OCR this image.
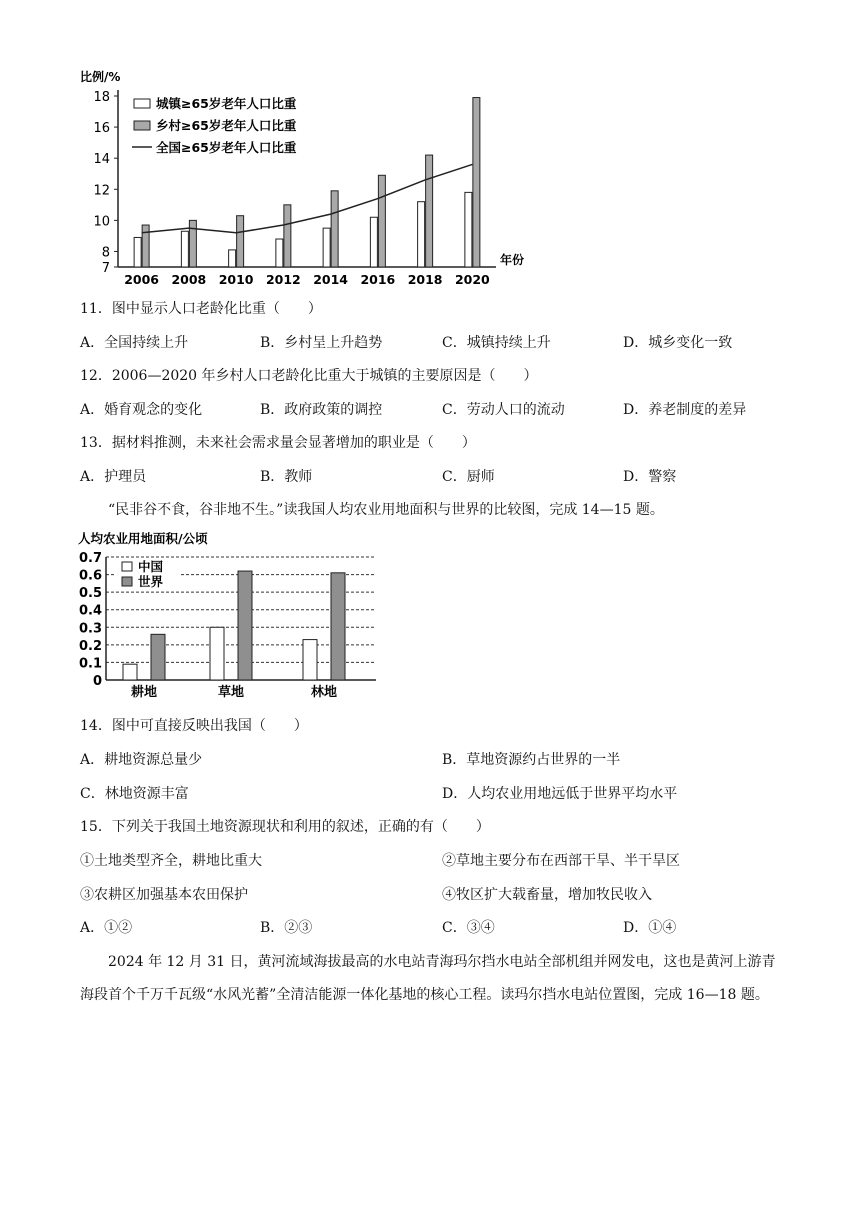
比例/%
7
8
10
12
14
16
18
2006 2008 2010 2012 2014 2016 2018 2020
年份
城镇≥65岁老年人口比重
乡村≥65岁老年人口比重
全国≥65岁老年人口比重
11．图中显示人口老龄化比重（　　）
A．全国持续上升	B．乡村呈上升趋势	C．城镇持续上升	D．城乡变化一致
12．2006—2020 年乡村人口老龄化比重大于城镇的主要原因是（　　）
A．婚育观念的变化	B．政府政策的调控	C．劳动人口的流动	D．养老制度的差异
13．据材料推测，未来社会需求量会显著增加的职业是（　　）
A．护理员	B．教师	C．厨师	D．警察
“民非谷不食，谷非地不生。”读我国人均农业用地面积与世界的比较图，完成 14—15 题。
人均农业用地面积/公顷
0
0.1
0.2
0.3
0.4
0.5
0.6
0.7
耕地	草地	林地
中国
世界
14．图中可直接反映出我国（　　）
A．耕地资源总量少	B．草地资源约占世界的一半
C．林地资源丰富	D．人均农业用地远低于世界平均水平
15．下列关于我国土地资源现状和利用的叙述，正确的有（　　）
①土地类型齐全，耕地比重大	②草地主要分布在西部干旱、半干旱区
③农耕区加强基本农田保护	④牧区扩大载畜量，增加牧民收入
A．①②	B．②③	C．③④	D．①④
2024 年 12 月 31 日，黄河流域海拔最高的水电站青海玛尔挡水电站全部机组并网发电，这也是黄河上游青海段首个千万千瓦级“水风光蓄”全清洁能源一体化基地的核心工程。读玛尔挡水电站位置图，完成 16—18 题。
